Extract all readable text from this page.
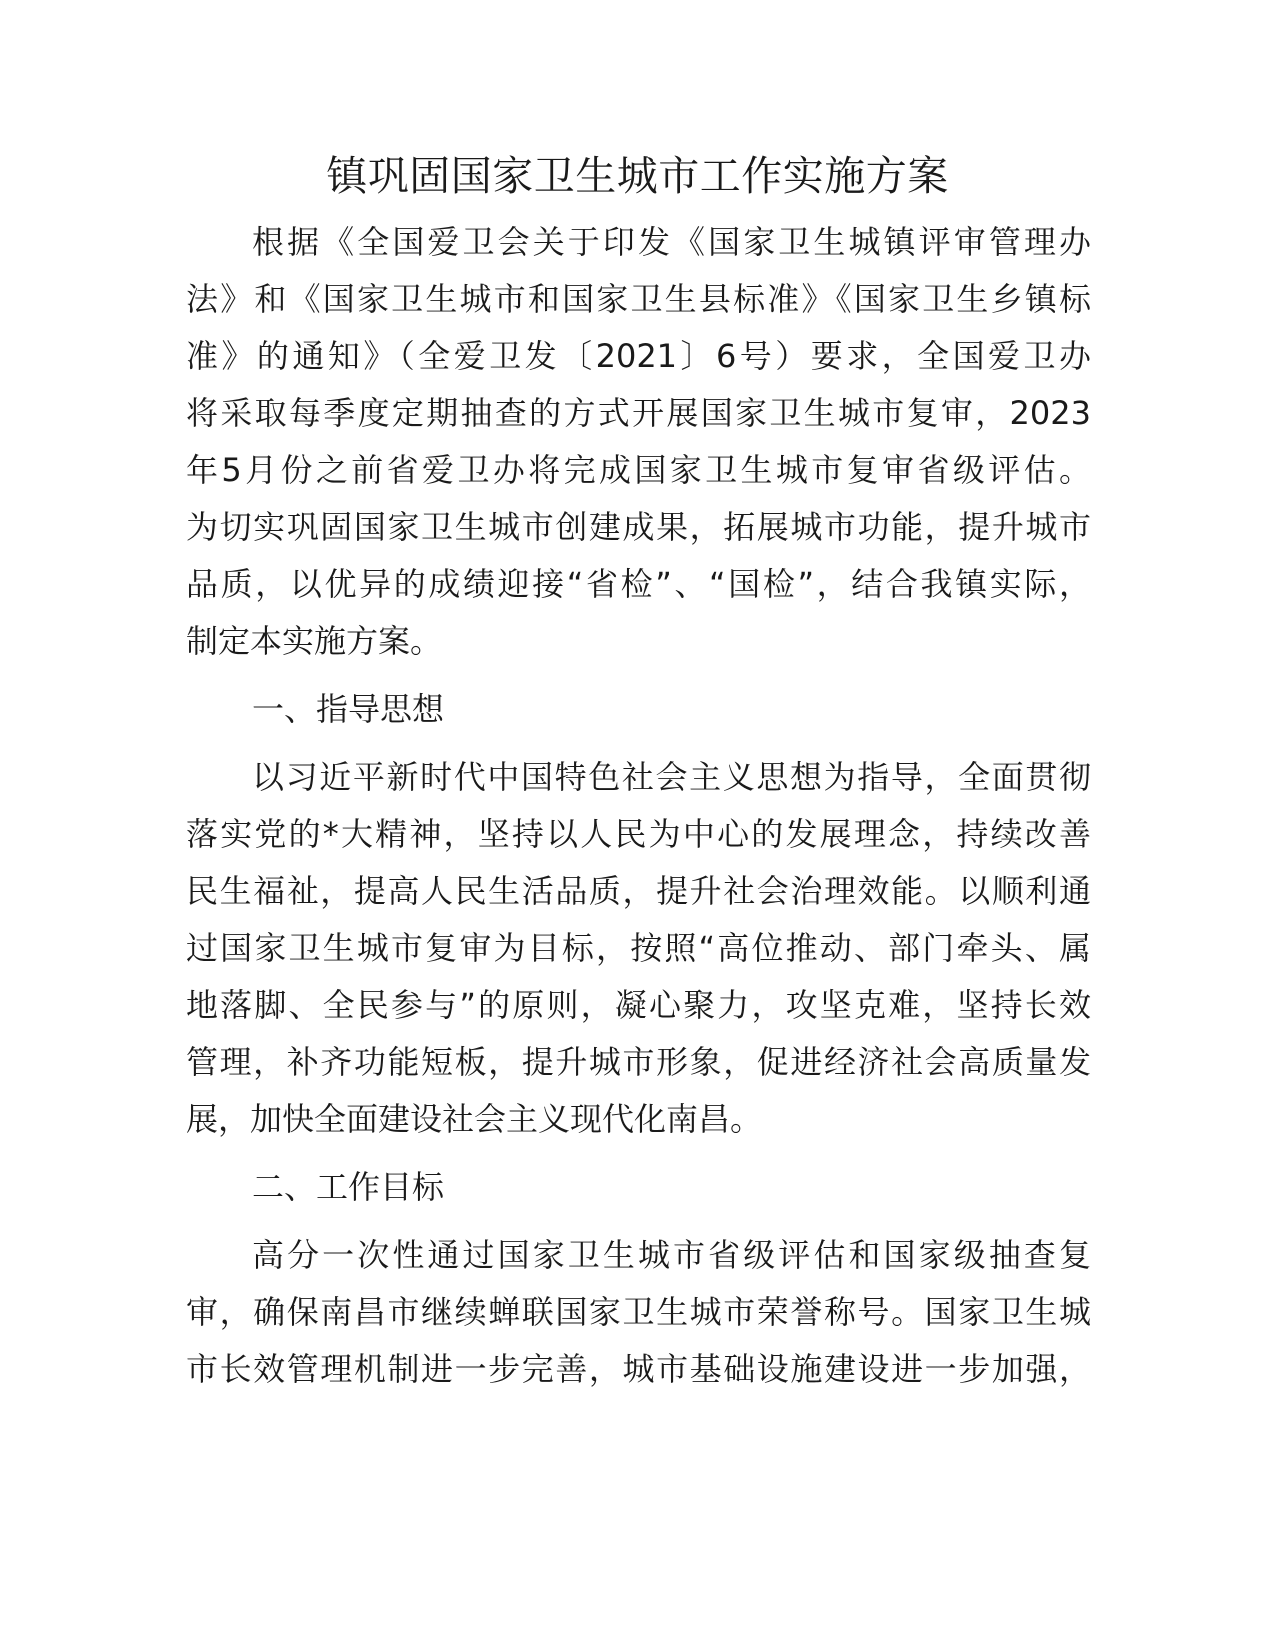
镇巩固国家卫生城市工作实施方案
根据《全国爱卫会关于印发《国家卫生城镇评审管理办
法》和《国家卫生城市和国家卫生县标准》《国家卫生乡镇标
准》的通知》（全爱卫发〔2021〕6号）要求，全国爱卫办
将采取每季度定期抽查的方式开展国家卫生城市复审，2023
年5月份之前省爱卫办将完成国家卫生城市复审省级评估。
为切实巩固国家卫生城市创建成果，拓展城市功能，提升城市
品质，以优异的成绩迎接“省检”、“国检”，结合我镇实际，
制定本实施方案。
一、指导思想
以习近平新时代中国特色社会主义思想为指导，全面贯彻
落实党的*大精神，坚持以人民为中心的发展理念，持续改善
民生福祉，提高人民生活品质，提升社会治理效能。以顺利通
过国家卫生城市复审为目标，按照“高位推动、部门牵头、属
地落脚、全民参与”的原则，凝心聚力，攻坚克难，坚持长效
管理，补齐功能短板，提升城市形象，促进经济社会高质量发
展，加快全面建设社会主义现代化南昌。
二、工作目标
高分一次性通过国家卫生城市省级评估和国家级抽查复
审，确保南昌市继续蝉联国家卫生城市荣誉称号。国家卫生城
市长效管理机制进一步完善，城市基础设施建设进一步加强，
